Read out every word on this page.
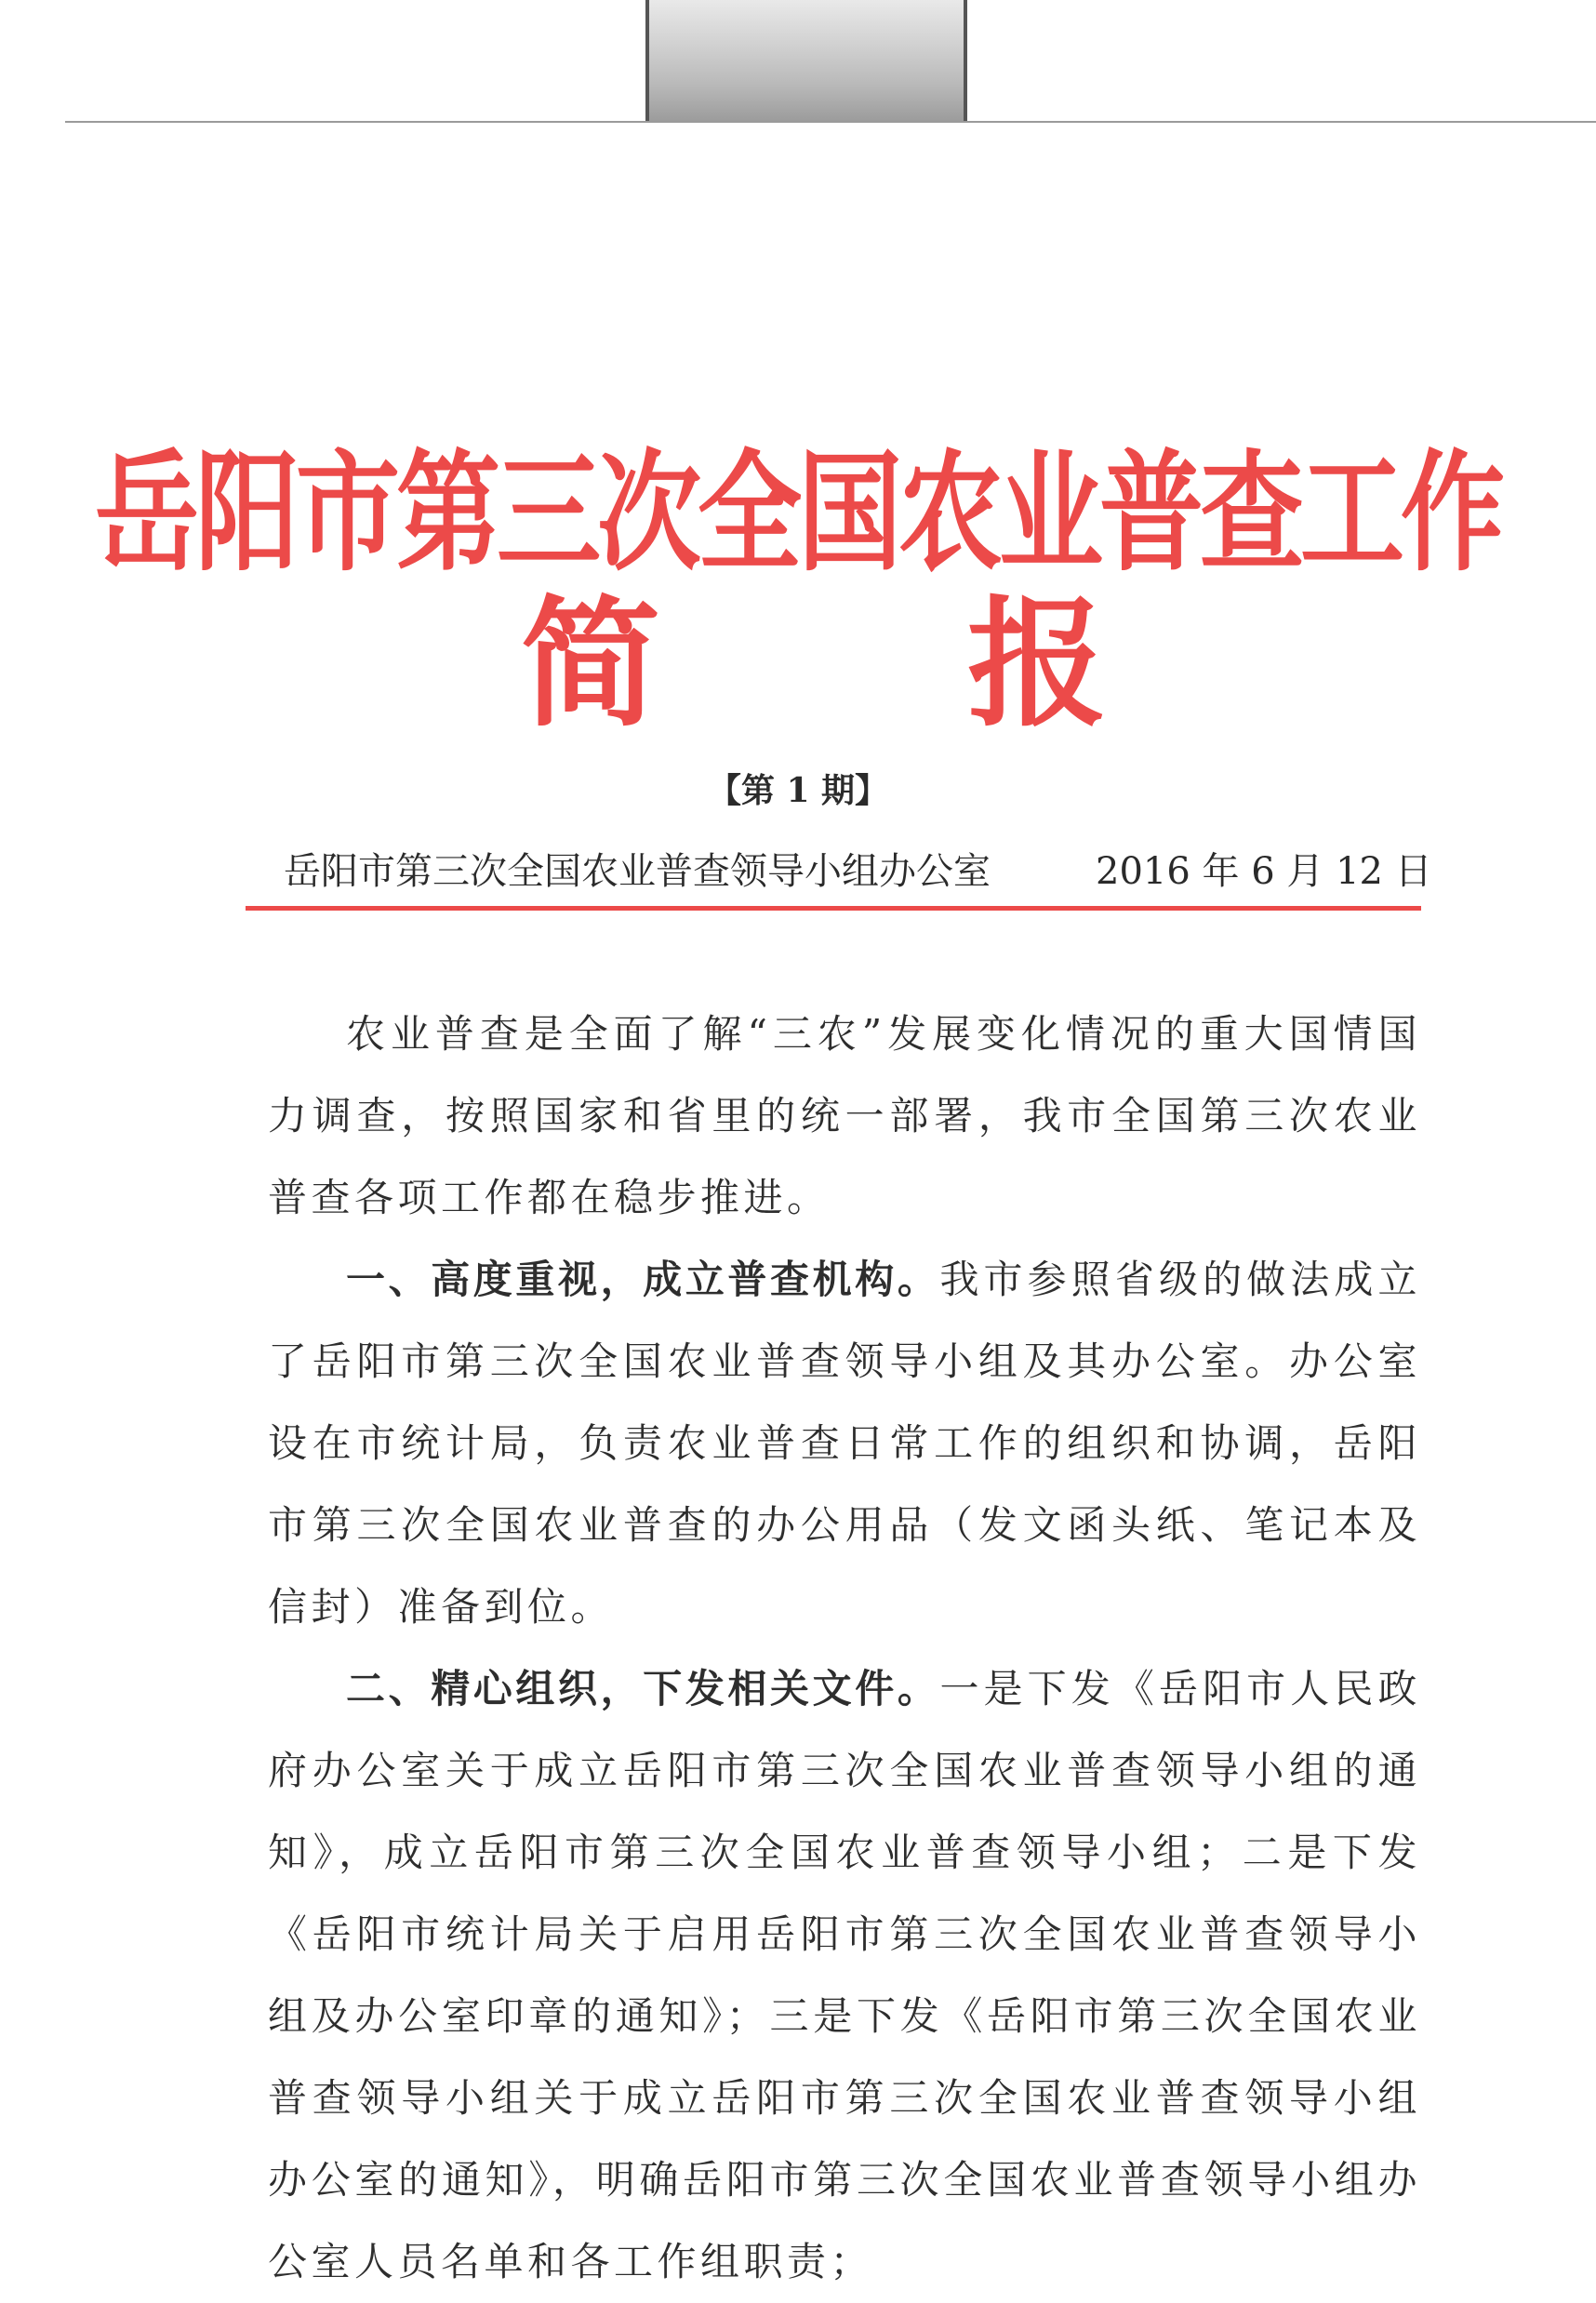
岳阳市第三次全国农业普查工作
简 报
【第 1 期】
岳阳市第三次全国农业普查领导小组办公室	2016 年 6 月 12 日

农业普查是全面了解“三农”发展变化情况的重大国情国力调查，按照国家和省里的统一部署，我市全国第三次农业普查各项工作都在稳步推进。

一、高度重视，成立普查机构。我市参照省级的做法成立了岳阳市第三次全国农业普查领导小组及其办公室。办公室设在市统计局，负责农业普查日常工作的组织和协调，岳阳市第三次全国农业普查的办公用品（发文函头纸、笔记本及信封）准备到位。

二、精心组织，下发相关文件。一是下发《岳阳市人民政府办公室关于成立岳阳市第三次全国农业普查领导小组的通知》，成立岳阳市第三次全国农业普查领导小组；二是下发《岳阳市统计局关于启用岳阳市第三次全国农业普查领导小组及办公室印章的通知》；三是下发《岳阳市第三次全国农业普查领导小组关于成立岳阳市第三次全国农业普查领导小组办公室的通知》，明确岳阳市第三次全国农业普查领导小组办公室人员名单和各工作组职责；
